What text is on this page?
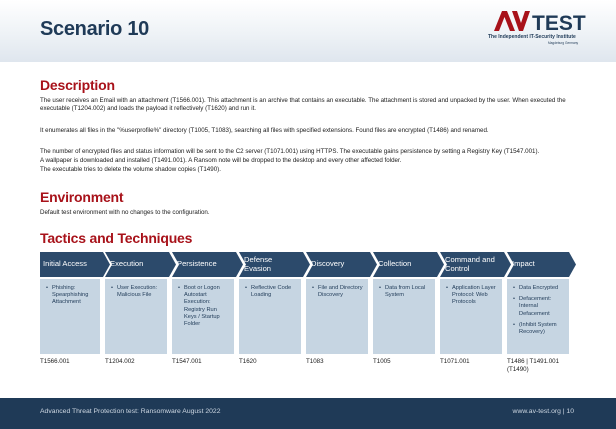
Scenario 10	TEST
The Independent IT-Security Institute
Magdeburg Germany
Description

The user receives an Email with an attachment (T1566.001). This attachment is an archive that contains an executable. The attachment is stored and unpacked by the user. When executed the executable (T1204.002) and loads the payload it reflectively (T1620) and run it.

It enumerates all files in the "%userprofile%" directory (T1005, T1083), searching all files with specified extensions. Found files are encrypted (T1486) and renamed.

The number of encrypted files and status information will be sent to the C2 server (T1071.001) using HTTPS. The executable gains persistence by setting a Registry Key (T1547.001).

A wallpaper is downloaded and installed (T1491.001). A Ransom note will be dropped to the desktop and every other affected folder.

The executable tries to delete the volume shadow copies (T1490).

Environment

Default test environment with no changes to the configuration.

Tactics and Techniques
Initial Access
• Phishing: Spearphishing Attachment
T1566.001
Execution
• User Execution: Malicious File
T1204.002
Persistence
• Boot or Logon Autostart Execution: Registry Run Keys / Startup Folder
T1547.001
Defense Evasion
• Reflective Code Loading
T1620
Discovery
• File and Directory Discovery
T1083
Collection
• Data from Local System
T1005
Command and Control
• Application Layer Protocol: Web Protocols
T1071.001
Impact
• Data Encrypted
• Defacement: Internal Defacement
• (Inhibit System Recovery)
T1486 | T1491.001 (T1490)
Advanced Threat Protection test: Ransomware August 2022	www.av-test.org | 10
